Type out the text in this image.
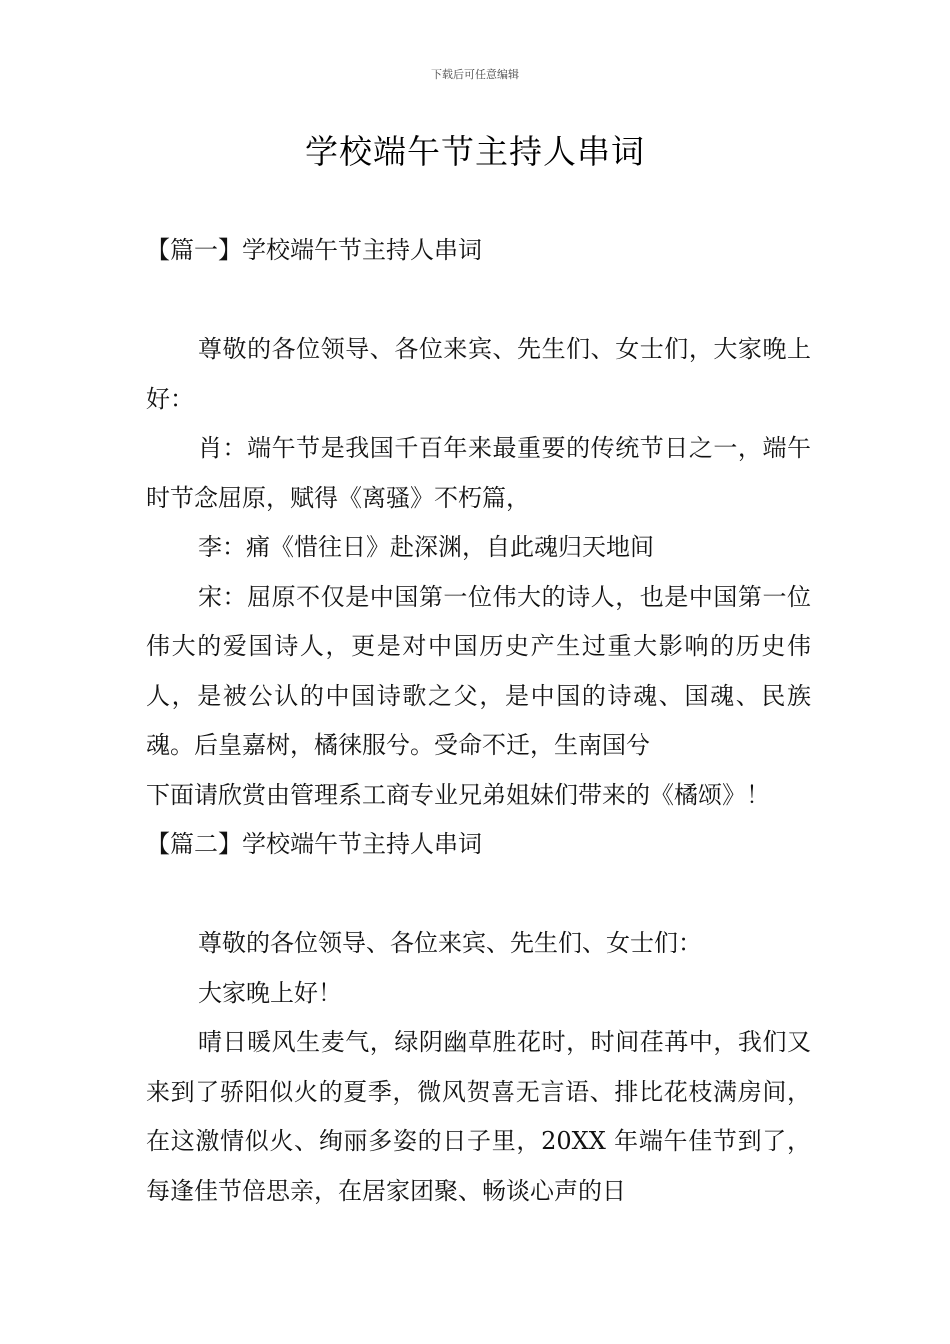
下载后可任意编辑
学校端午节主持人串词

【篇一】学校端午节主持人串词

尊敬的各位领导、各位来宾、先生们、女士们，大家晚上好：

肖：端午节是我国千百年来最重要的传统节日之一，端午时节念屈原，赋得《离骚》不朽篇，

李：痛《惜往日》赴深渊，自此魂归天地间

宋：屈原不仅是中国第一位伟大的诗人，也是中国第一位伟大的爱国诗人，更是对中国历史产生过重大影响的历史伟人，是被公认的中国诗歌之父，是中国的诗魂、国魂、民族魂。后皇嘉树，橘徕服兮。受命不迁，生南国兮

下面请欣赏由管理系工商专业兄弟姐妹们带来的《橘颂》！

【篇二】学校端午节主持人串词

尊敬的各位领导、各位来宾、先生们、女士们：

大家晚上好！

晴日暖风生麦气，绿阴幽草胜花时，时间荏苒中，我们又来到了骄阳似火的夏季，微风贺喜无言语、排比花枝满房间，在这激情似火、绚丽多姿的日子里，20XX 年端午佳节到了，每逢佳节倍思亲，在居家团聚、畅谈心声的日
